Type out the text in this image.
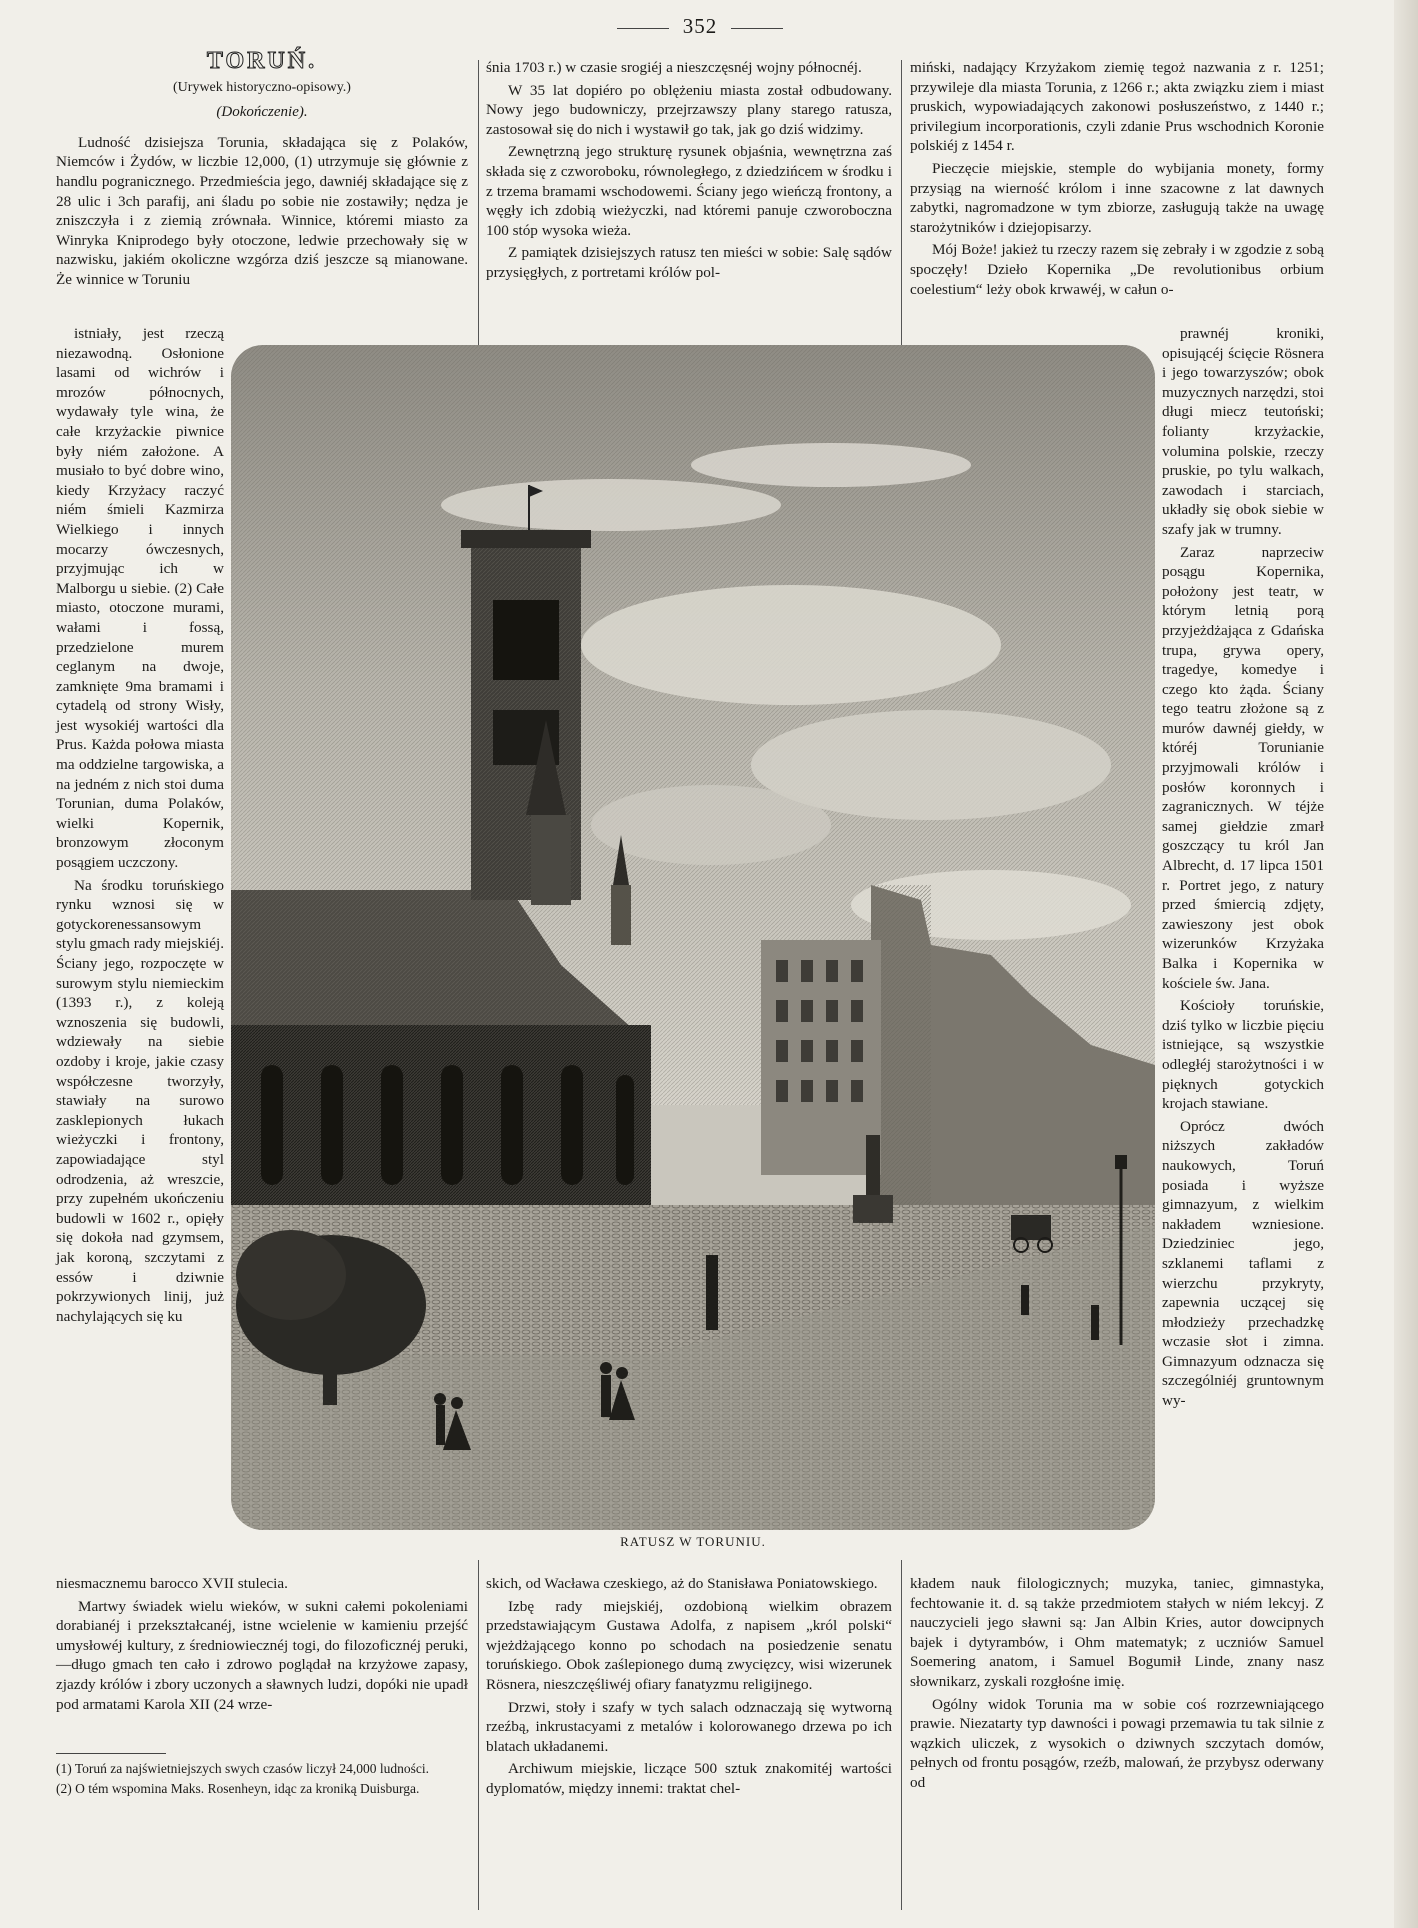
352
TORUŃ.
(Urywek historyczno-opisowy.)
(Dokończenie).

Ludność dzisiejsza Torunia, składająca się z Polaków, Niemców i Żydów, w liczbie 12,000, (1) utrzymuje się głównie z handlu pogranicznego. Przedmieścia jego, dawniéj składające się z 28 ulic i 3ch parafij, ani śladu po sobie nie zostawiły; nędza je zniszczyła i z ziemią zrównała. Winnice, któremi miasto za Winryka Kniprodego były otoczone, ledwie przechowały się w nazwisku, jakiém okoliczne wzgórza dziś jeszcze są mianowane. Że winnice w Toruniu

istniały, jest rzeczą niezawodną. Osłonione lasami od wichrów i mrozów północnych, wydawały tyle wina, że całe krzyżackie piwnice były niém założone. A musiało to być dobre wino, kiedy Krzyżacy raczyć niém śmieli Kazmirza Wielkiego i innych mocarzy ówczesnych, przyjmując ich w Malborgu u siebie. (2) Całe miasto, otoczone murami, wałami i fossą, przedzielone murem ceglanym na dwoje, zamknięte 9ma bramami i cytadelą od strony Wisły, jest wysokiéj wartości dla Prus. Każda połowa miasta ma oddzielne targowiska, a na jedném z nich stoi duma Torunian, duma Polaków, wielki Kopernik, bronzowym złoconym posągiem uczczony.

Na środku toruńskiego rynku wznosi się w gotyckorenessansowym stylu gmach rady miejskiéj. Ściany jego, rozpoczęte w surowym stylu niemieckim (1393 r.), z koleją wznoszenia się budowli, wdziewały na siebie ozdoby i kroje, jakie czasy współczesne tworzyły, stawiały na surowo zasklepionych łukach wieżyczki i frontony, zapowiadające styl odrodzenia, aż wreszcie, przy zupełném ukończeniu budowli w 1602 r., opięły się dokoła nad gzymsem, jak koroną, szczytami z essów i dziwnie pokrzywionych linij, już nachylających się ku

niesmacznemu barocco XVII stulecia.

Martwy świadek wielu wieków, w sukni całemi pokoleniami dorabianéj i przekształcanéj, istne wcielenie w kamieniu przejść umysłowéj kultury, z średniowiecznéj togi, do filozoficznéj peruki,—długo gmach ten cało i zdrowo poglądał na krzyżowe zapasy, zjazdy królów i zbory uczonych a sławnych ludzi, dopóki nie upadł pod armatami Karola XII (24 wrze-

(1) Toruń za najświetniejszych swych czasów liczył 24,000 ludności.
(2) O tém wspomina Maks. Rosenheyn, idąc za kroniką Duisburga.

śnia 1703 r.) w czasie srogiéj a nieszczęsnéj wojny północnéj.

W 35 lat dopiéro po oblężeniu miasta został odbudowany. Nowy jego budowniczy, przejrzawszy plany starego ratusza, zastosował się do nich i wystawił go tak, jak go dziś widzimy.

Zewnętrzną jego strukturę rysunek objaśnia, wewnętrzna zaś składa się z czworoboku, równoległego, z dziedzińcem w środku i z trzema bramami wschodowemi. Ściany jego wieńczą frontony, a węgły ich zdobią wieżyczki, nad któremi panuje czworoboczna 100 stóp wysoka wieża.

Z pamiątek dzisiejszych ratusz ten mieści w sobie: Salę sądów przysięgłych, z portretami królów pol-

skich, od Wacława czeskiego, aż do Stanisława Poniatowskiego.

Izbę rady miejskiéj, ozdobioną wielkim obrazem przedstawiającym Gustawa Adolfa, z napisem „król polski“ wjeżdżającego konno po schodach na posiedzenie senatu toruńskiego. Obok zaślepionego dumą zwycięzcy, wisi wizerunek Rösnera, nieszczęśliwéj ofiary fanatyzmu religijnego.

Drzwi, stoły i szafy w tych salach odznaczają się wytworną rzeźbą, inkrustacyami z metalów i kolorowanego drzewa po ich blatach układanemi.

Archiwum miejskie, liczące 500 sztuk znakomitéj wartości dyplomatów, między innemi: traktat chel-

miński, nadający Krzyżakom ziemię tegoż nazwania z r. 1251; przywileje dla miasta Torunia, z 1266 r.; akta związku ziem i miast pruskich, wypowiadających zakonowi posłuszeństwo, z 1440 r.; privilegium incorporationis, czyli zdanie Prus wschodnich Koronie polskiéj z 1454 r.

Pieczęcie miejskie, stemple do wybijania monety, formy przysiąg na wierność królom i inne szacowne z lat dawnych zabytki, nagromadzone w tym zbiorze, zasługują także na uwagę starożytników i dziejopisarzy.

Mój Boże! jakież tu rzeczy razem się zebrały i w zgodzie z sobą spoczęły! Dzieło Kopernika „De revolutionibus orbium coelestium“ leży obok krwawéj, w całun o-

prawnéj kroniki, opisującéj ścięcie Rösnera i jego towarzyszów; obok muzycznych narzędzi, stoi długi miecz teutoński; folianty krzyżackie, volumina polskie, rzeczy pruskie, po tylu walkach, zawodach i starciach, układły się obok siebie w szafy jak w trumny.

Zaraz naprzeciw posągu Kopernika, położony jest teatr, w którym letnią porą przyjeżdżająca z Gdańska trupa, grywa opery, tragedye, komedye i czego kto żąda. Ściany tego teatru złożone są z murów dawnéj giełdy, w któréj Torunianie przyjmowali królów i posłów koronnych i zagranicznych. W téjże samej giełdzie zmarł goszczący tu król Jan Albrecht, d. 17 lipca 1501 r. Portret jego, z natury przed śmiercią zdjęty, zawieszony jest obok wizerunków Krzyżaka Balka i Kopernika w kościele św. Jana.

Kościoły toruńskie, dziś tylko w liczbie pięciu istniejące, są wszystkie odległéj starożytności i w pięknych gotyckich krojach stawiane.

Oprócz dwóch niższych zakładów naukowych, Toruń posiada i wyższe gimnazyum, z wielkim nakładem wzniesione. Dziedziniec jego, szklanemi taflami z wierzchu przykryty, zapewnia uczącej się młodzieży przechadzkę wczasie słot i zimna. Gimnazyum odznacza się szczególniéj gruntownym wy-

kładem nauk filologicznych; muzyka, taniec, gimnastyka, fechtowanie it. d. są także przedmiotem stałych w niém lekcyj. Z nauczycieli jego sławni są: Jan Albin Kries, autor dowcipnych bajek i dytyrambów, i Ohm matematyk; z uczniów Samuel Soemering anatom, i Samuel Bogumił Linde, znany nasz słownikarz, zyskali rozgłośne imię.

Ogólny widok Torunia ma w sobie coś rozrzewniającego prawie. Niezatarty typ dawności i powagi przemawia tu tak silnie z wązkich uliczek, z wysokich o dziwnych szczytach domów, pełnych od frontu posągów, rzeźb, malowań, że przybysz oderwany od

RATUSZ W TORUNIU.
